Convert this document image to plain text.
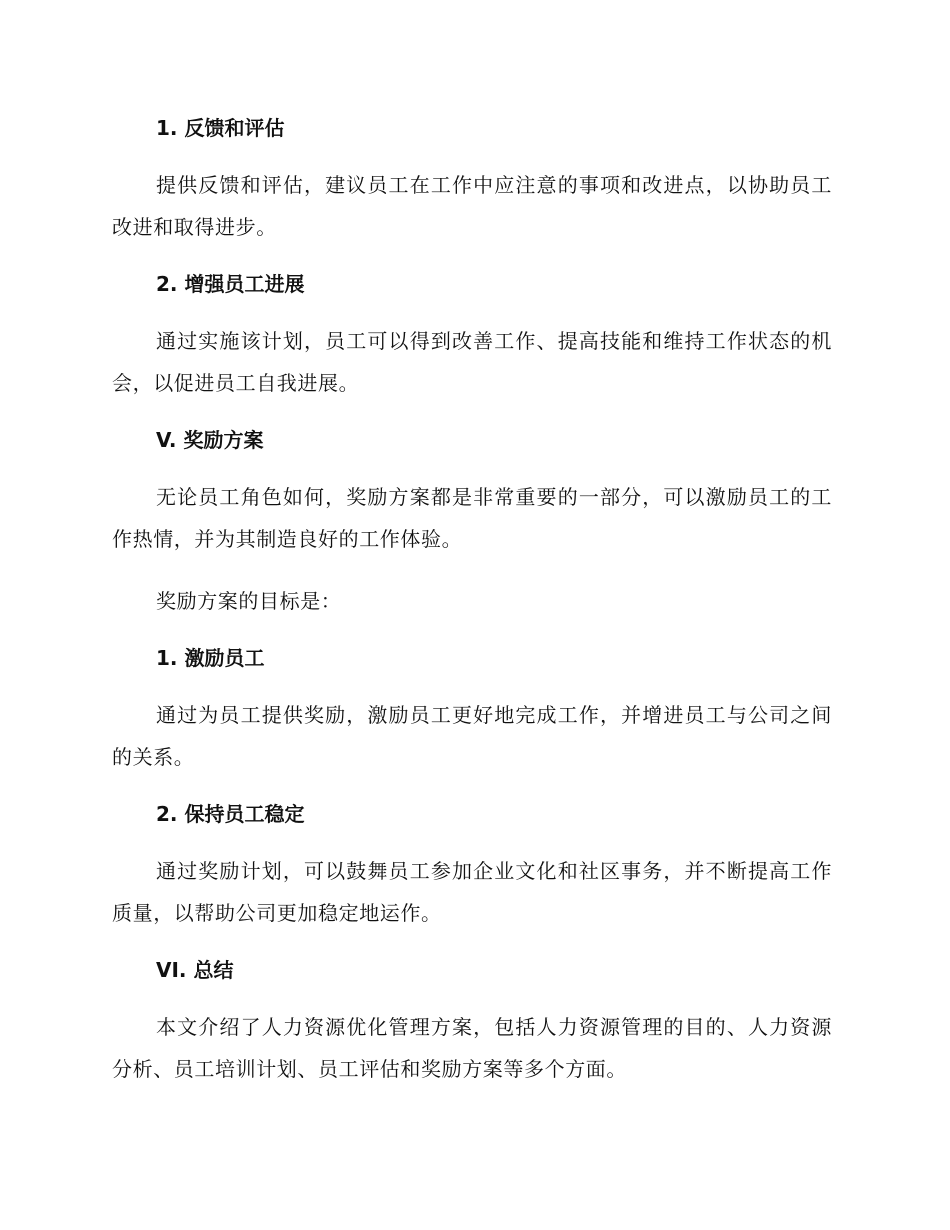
1. 反馈和评估

提供反馈和评估，建议员工在工作中应注意的事项和改进点，以协助员工改进和取得进步。

2. 增强员工进展

通过实施该计划，员工可以得到改善工作、提高技能和维持工作状态的机会，以促进员工自我进展。

V. 奖励方案

无论员工角色如何，奖励方案都是非常重要的一部分，可以激励员工的工作热情，并为其制造良好的工作体验。

奖励方案的目标是：

1. 激励员工

通过为员工提供奖励，激励员工更好地完成工作，并增进员工与公司之间的关系。

2. 保持员工稳定

通过奖励计划，可以鼓舞员工参加企业文化和社区事务，并不断提高工作质量，以帮助公司更加稳定地运作。

VI. 总结

本文介绍了人力资源优化管理方案，包括人力资源管理的目的、人力资源分析、员工培训计划、员工评估和奖励方案等多个方面。
